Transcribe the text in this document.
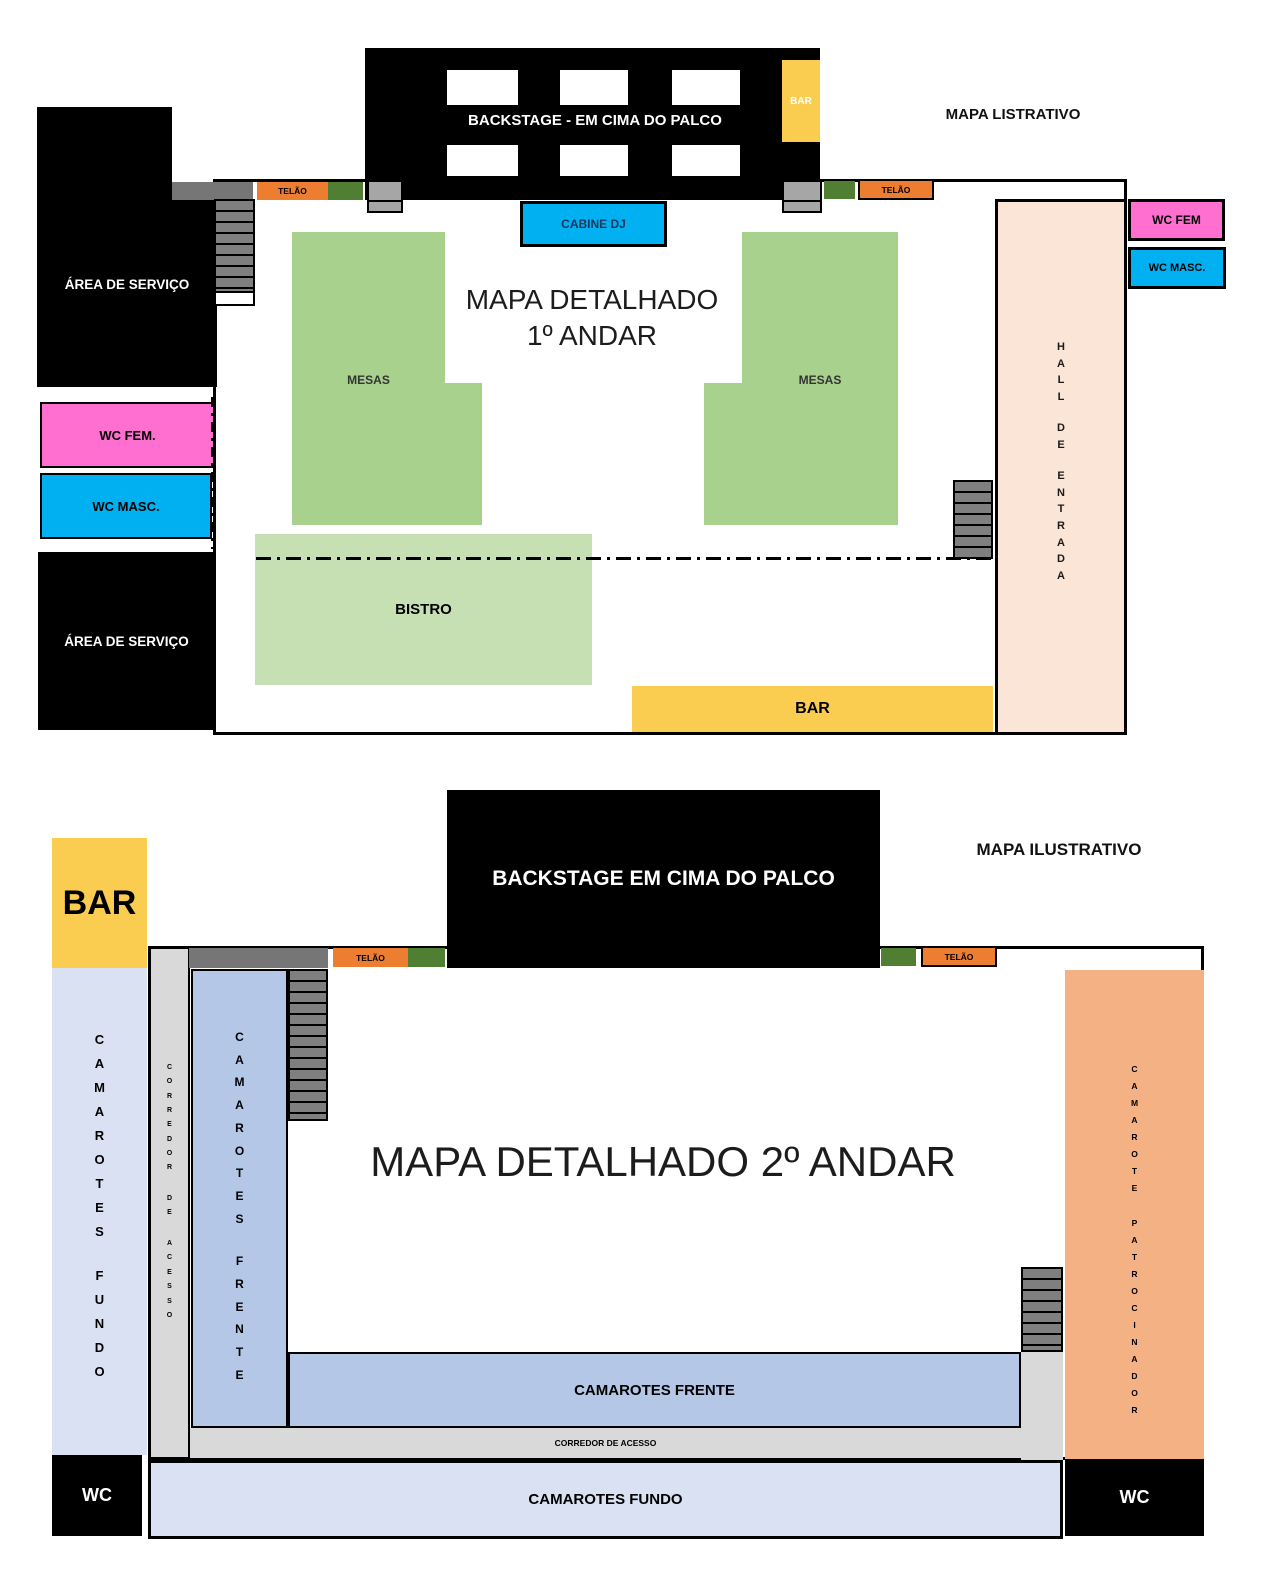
MAPA LISTRATIVO
ÁREA DE SERVIÇO
WC FEM.
WC MASC.
ÁREA DE SERVIÇO
6	5	4
BACKSTAGE - EM CIMA DO PALCO
3	2	1
BAR
TELÃO	TELÃO
CABINE DJ
MAPA DETALHADO
1º ANDAR
MESAS	MESAS
BISTRO
BAR
H
A
L
L
D
E
E
N
T
R
A
D
A
WC FEM
WC MASC.
MAPA ILUSTRATIVO
BACKSTAGE EM CIMA DO PALCO
BAR
C
A
M
A
R
O
T
E
S
F
U
N
D
O
WC
C
O
R
R
E
D
O
R
D
E
A
C
E
S
S
O
TELÃO	TELÃO
C
A
M
A
R
O
T
E
S
F
R
E
N
T
E
MAPA DETALHADO 2º ANDAR
CAMAROTES FRENTE
CORREDOR DE ACESSO
CAMAROTES FUNDO
C
A
M
A
R
O
T
E
P
A
T
R
O
C
I
N
A
D
O
R
WC
